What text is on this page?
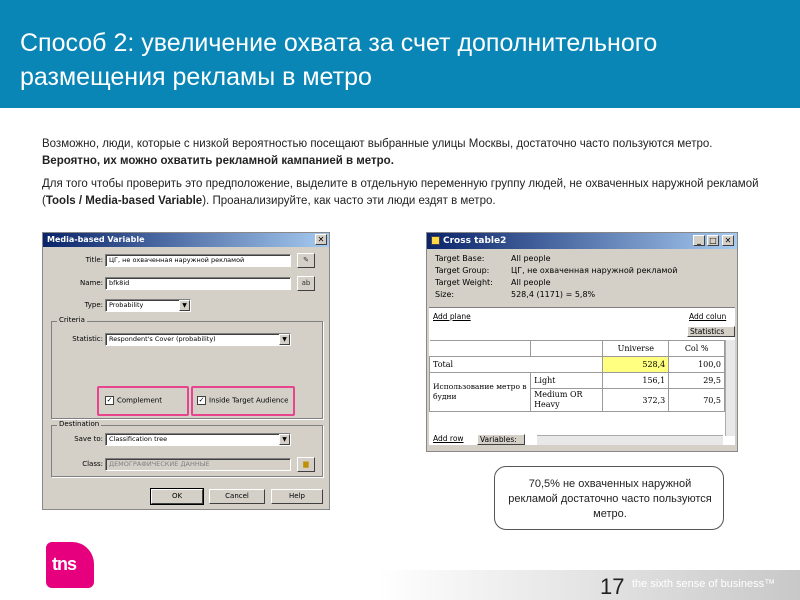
Способ 2: увеличение охвата за счет дополнительного размещения рекламы в метро

Возможно, люди, которые с низкой вероятностью посещают выбранные улицы Москвы, достаточно часто пользуются метро. Вероятно, их можно охватить рекламной кампанией в метро.

Для того чтобы проверить это предположение, выделите в отдельную переменную группу людей, не охваченных наружной рекламой (Tools / Media-based Variable). Проанализируйте, как часто эти люди ездят в метро.

Media-based Variable	✕
Title: ЦГ, не охваченная наружной рекламой	✎
Name: bfk8id	ab
Type: Probability	▼
Criteria
Statistic: Respondent's Cover (probability)	▼
✓ Complement	✓ Inside Target Audience
Destination
Save to: Classification tree	▼
Class: ДЕМОГРАФИЧЕСКИЕ ДАННЫЕ	▆
OK	Cancel	Help
Cross table2	_	□ ✕
Target Base:	All people
Target Group:	ЦГ, не охваченная наружной рекламой
Target Weight: All people
Size:	528,4 (1171) = 5,8%
Add plane	Add colun
Statistics
		Universe	Col %
Total		528,4	100,0
Использование метро в будни	Light	156,1	29,5
	Medium OR Heavy	372,3	70,5
Add row	Variables:
70,5% не охваченных наружной рекламой достаточно часто пользуются метро.
tns
17 the sixth sense of business™
